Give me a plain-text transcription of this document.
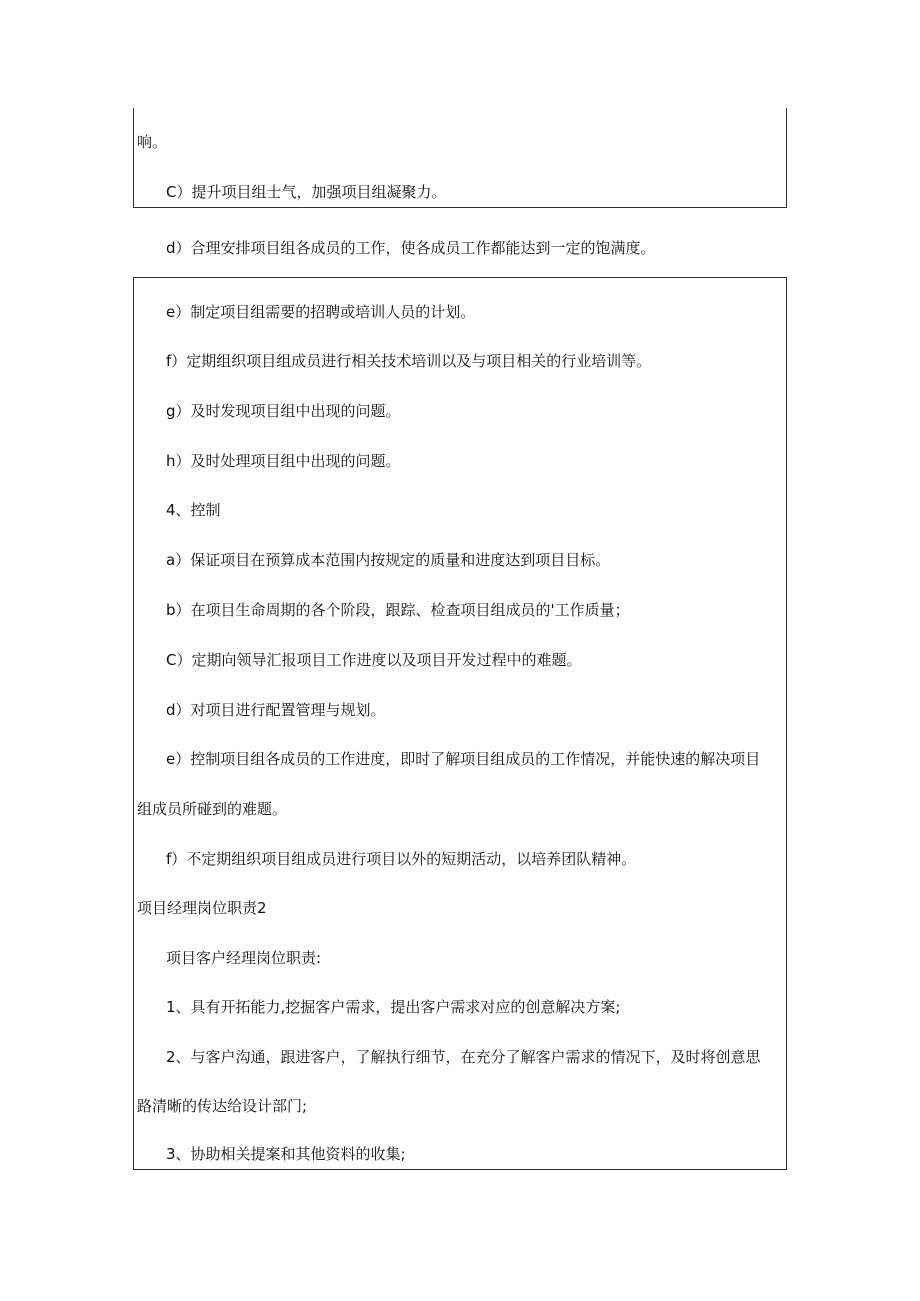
响。
C）提升项目组士气，加强项目组凝聚力。
d）合理安排项目组各成员的工作，使各成员工作都能达到一定的饱满度。
e）制定项目组需要的招聘或培训人员的计划。
f）定期组织项目组成员进行相关技术培训以及与项目相关的行业培训等。
g）及时发现项目组中出现的问题。
h）及时处理项目组中出现的问题。
4、控制
a）保证项目在预算成本范围内按规定的质量和进度达到项目目标。
b）在项目生命周期的各个阶段，跟踪、检查项目组成员的'工作质量；
C）定期向领导汇报项目工作进度以及项目开发过程中的难题。
d）对项目进行配置管理与规划。
e）控制项目组各成员的工作进度，即时了解项目组成员的工作情况，并能快速的解决项目
组成员所碰到的难题。
f）不定期组织项目组成员进行项目以外的短期活动，以培养团队精神。
项目经理岗位职责2
项目客户经理岗位职责:
1、具有开拓能力,挖掘客户需求，提出客户需求对应的创意解决方案;
2、与客户沟通，跟进客户，了解执行细节，在充分了解客户需求的情况下，及时将创意思
路清晰的传达给设计部门;
3、协助相关提案和其他资料的收集;
